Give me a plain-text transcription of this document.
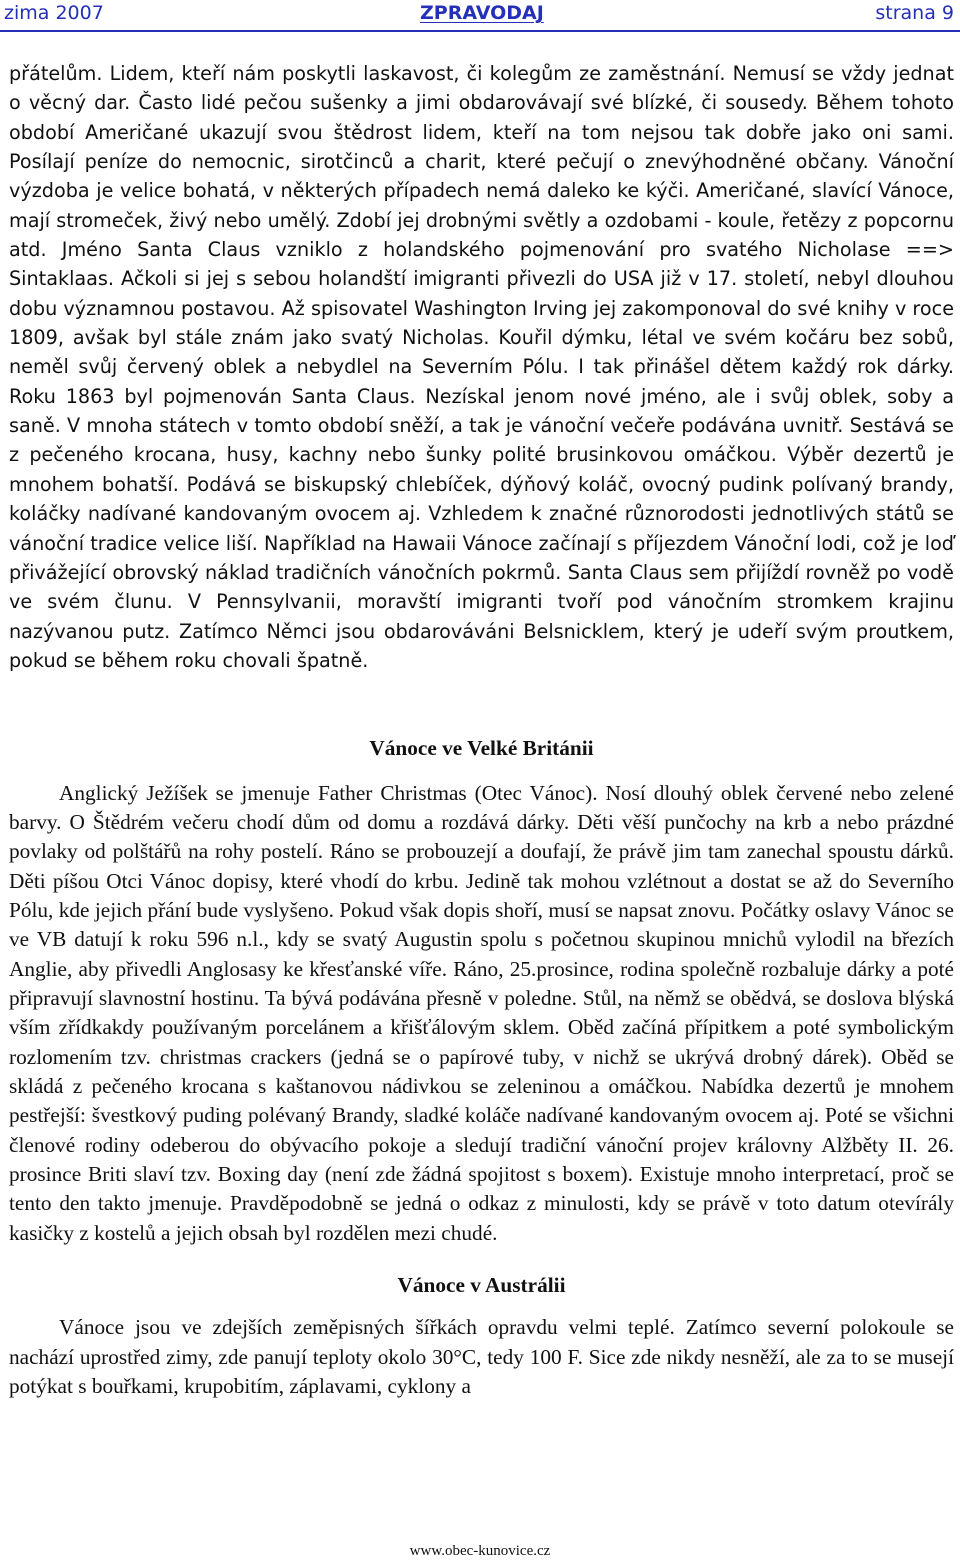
zima 2007	ZPRAVODAJ	strana 9

přátelům. Lidem, kteří nám poskytli laskavost, či kolegům ze zaměstnání. Nemusí se vždy jednat o věcný dar. Často lidé pečou sušenky a jimi obdarovávají své blízké, či sousedy. Během tohoto období Američané ukazují svou štědrost lidem, kteří na tom nejsou tak dobře jako oni sami. Posílají peníze do nemocnic, sirotčinců a charit, které pečují o znevýhodněné občany. Vánoční výzdoba je velice bohatá, v některých případech nemá daleko ke kýči. Američané, slavící Vánoce, mají stromeček, živý nebo umělý. Zdobí jej drobnými světly a ozdobami - koule, řetězy z popcornu atd. Jméno Santa Claus vzniklo z holandského pojmenování pro svatého Nicholase ==> Sintaklaas. Ačkoli si jej s sebou holandští imigranti přivezli do USA již v 17. století, nebyl dlouhou dobu významnou postavou. Až spisovatel Washington Irving jej zakomponoval do své knihy v roce 1809, avšak byl stále znám jako svatý Nicholas. Kouřil dýmku, létal ve svém kočáru bez sobů, neměl svůj červený oblek a nebydlel na Severním Pólu. I tak přinášel dětem každý rok dárky. Roku 1863 byl pojmenován Santa Claus. Nezískal jenom nové jméno, ale i svůj oblek, soby a saně. V mnoha státech v tomto období sněží, a tak je vánoční večeře podávána uvnitř. Sestává se z pečeného krocana, husy, kachny nebo šunky polité brusinkovou omáčkou. Výběr dezertů je mnohem bohatší. Podává se biskupský chlebíček, dýňový koláč, ovocný pudink polívaný brandy, koláčky nadívané kandovaným ovocem aj. Vzhledem k značné různorodosti jednotlivých států se vánoční tradice velice liší. Například na Hawaii Vánoce začínají s příjezdem Vánoční lodi, což je loď přivážející obrovský náklad tradičních vánočních pokrmů. Santa Claus sem přijíždí rovněž po vodě ve svém člunu. V Pennsylvanii, moravští imigranti tvoří pod vánočním stromkem krajinu nazývanou putz. Zatímco Němci jsou obdarováváni Belsnicklem, který je udeří svým proutkem, pokud se během roku chovali špatně.

Vánoce ve Velké Británii

Anglický Ježíšek se jmenuje Father Christmas (Otec Vánoc). Nosí dlouhý oblek červené nebo zelené barvy. O Štědrém večeru chodí dům od domu a rozdává dárky. Děti věší punčochy na krb a nebo prázdné povlaky od polštářů na rohy postelí. Ráno se probouzejí a doufají, že právě jim tam zanechal spoustu dárků. Děti píšou Otci Vánoc dopisy, které vhodí do krbu. Jedině tak mohou vzlétnout a dostat se až do Severního Pólu, kde jejich přání bude vyslyšeno. Pokud však dopis shoří, musí se napsat znovu. Počátky oslavy Vánoc se ve VB datují k roku 596 n.l., kdy se svatý Augustin spolu s početnou skupinou mnichů vylodil na březích Anglie, aby přivedli Anglosasy ke křesťanské víře. Ráno, 25.prosince, rodina společně rozbaluje dárky a poté připravují slavnostní hostinu. Ta bývá podávána přesně v poledne. Stůl, na němž se obědvá, se doslova blýská vším zřídkakdy používaným porcelánem a křišťálovým sklem. Oběd začíná přípitkem a poté symbolickým rozlomením tzv. christmas crackers (jedná se o papírové tuby, v nichž se ukrývá drobný dárek). Oběd se skládá z pečeného krocana s kaštanovou nádivkou se zeleninou a omáčkou. Nabídka dezertů je mnohem pestřejší: švestkový puding polévaný Brandy, sladké koláče nadívané kandovaným ovocem aj. Poté se všichni členové rodiny odeberou do obývacího pokoje a sledují tradiční vánoční projev královny Alžběty II. 26. prosince Briti slaví tzv. Boxing day (není zde žádná spojitost s boxem). Existuje mnoho interpretací, proč se tento den takto jmenuje. Pravděpodobně se jedná o odkaz z minulosti, kdy se právě v toto datum otevírály kasičky z kostelů a jejich obsah byl rozdělen mezi chudé.

Vánoce v Austrálii

Vánoce jsou ve zdejších zeměpisných šířkách opravdu velmi teplé. Zatímco severní polokoule se nachází uprostřed zimy, zde panují teploty okolo 30°C, tedy 100 F. Sice zde nikdy nesněží, ale za to se musejí potýkat s bouřkami, krupobitím, záplavami, cyklony a

www.obec-kunovice.cz
